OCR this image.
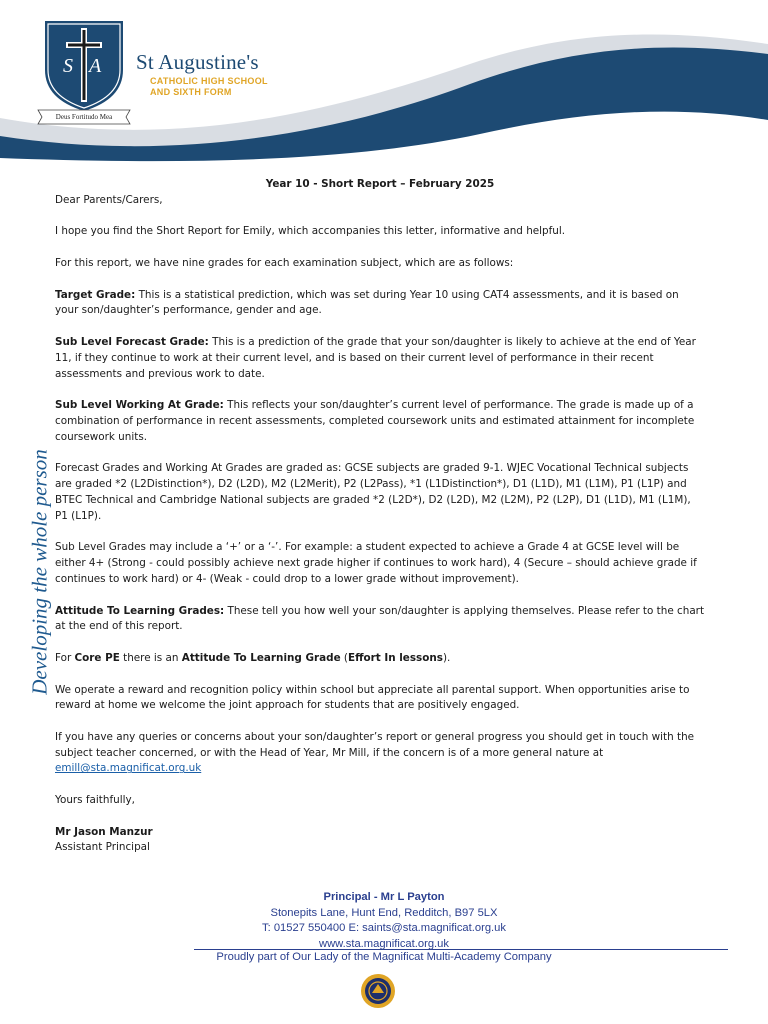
S A
Deus Fortitudo Mea
St Augustine's
CATHOLIC HIGH SCHOOL
AND SIXTH FORM
Developing the whole person

Year 10 - Short Report – February 2025

Dear Parents/Carers,

I hope you find the Short Report for Emily, which accompanies this letter, informative and helpful.

For this report, we have nine grades for each examination subject, which are as follows:

Target Grade: This is a statistical prediction, which was set during Year 10 using CAT4 assessments, and it is based on your son/daughter’s performance, gender and age.

Sub Level Forecast Grade: This is a prediction of the grade that your son/daughter is likely to achieve at the end of Year 11, if they continue to work at their current level, and is based on their current level of performance in their recent assessments and previous work to date.

Sub Level Working At Grade: This reflects your son/daughter’s current level of performance. The grade is made up of a combination of performance in recent assessments, completed coursework units and estimated attainment for incomplete coursework units.

Forecast Grades and Working At Grades are graded as: GCSE subjects are graded 9-1. WJEC Vocational Technical subjects are graded *2 (L2Distinction*), D2 (L2D), M2 (L2Merit), P2 (L2Pass), *1 (L1Distinction*), D1 (L1D), M1 (L1M), P1 (L1P) and BTEC Technical and Cambridge National subjects are graded *2 (L2D*), D2 (L2D), M2 (L2M), P2 (L2P), D1 (L1D), M1 (L1M), P1 (L1P).

Sub Level Grades may include a ‘+’ or a ‘-’. For example: a student expected to achieve a Grade 4 at GCSE level will be either 4+ (Strong - could possibly achieve next grade higher if continues to work hard), 4 (Secure – should achieve grade if continues to work hard) or 4- (Weak - could drop to a lower grade without improvement).

Attitude To Learning Grades: These tell you how well your son/daughter is applying themselves. Please refer to the chart at the end of this report.

For Core PE there is an Attitude To Learning Grade (Effort In lessons).

We operate a reward and recognition policy within school but appreciate all parental support. When opportunities arise to reward at home we welcome the joint approach for students that are positively engaged.

If you have any queries or concerns about your son/daughter’s report or general progress you should get in touch with the subject teacher concerned, or with the Head of Year, Mr Mill, if the concern is of a more general nature at
emill@sta.magnificat.org.uk

Yours faithfully,

Mr Jason Manzur

Assistant Principal

Principal - Mr L Payton
Stonepits Lane, Hunt End, Redditch, B97 5LX
T: 01527 550400 E: saints@sta.magnificat.org.uk
www.sta.magnificat.org.uk
Proudly part of Our Lady of the Magnificat Multi-Academy Company
